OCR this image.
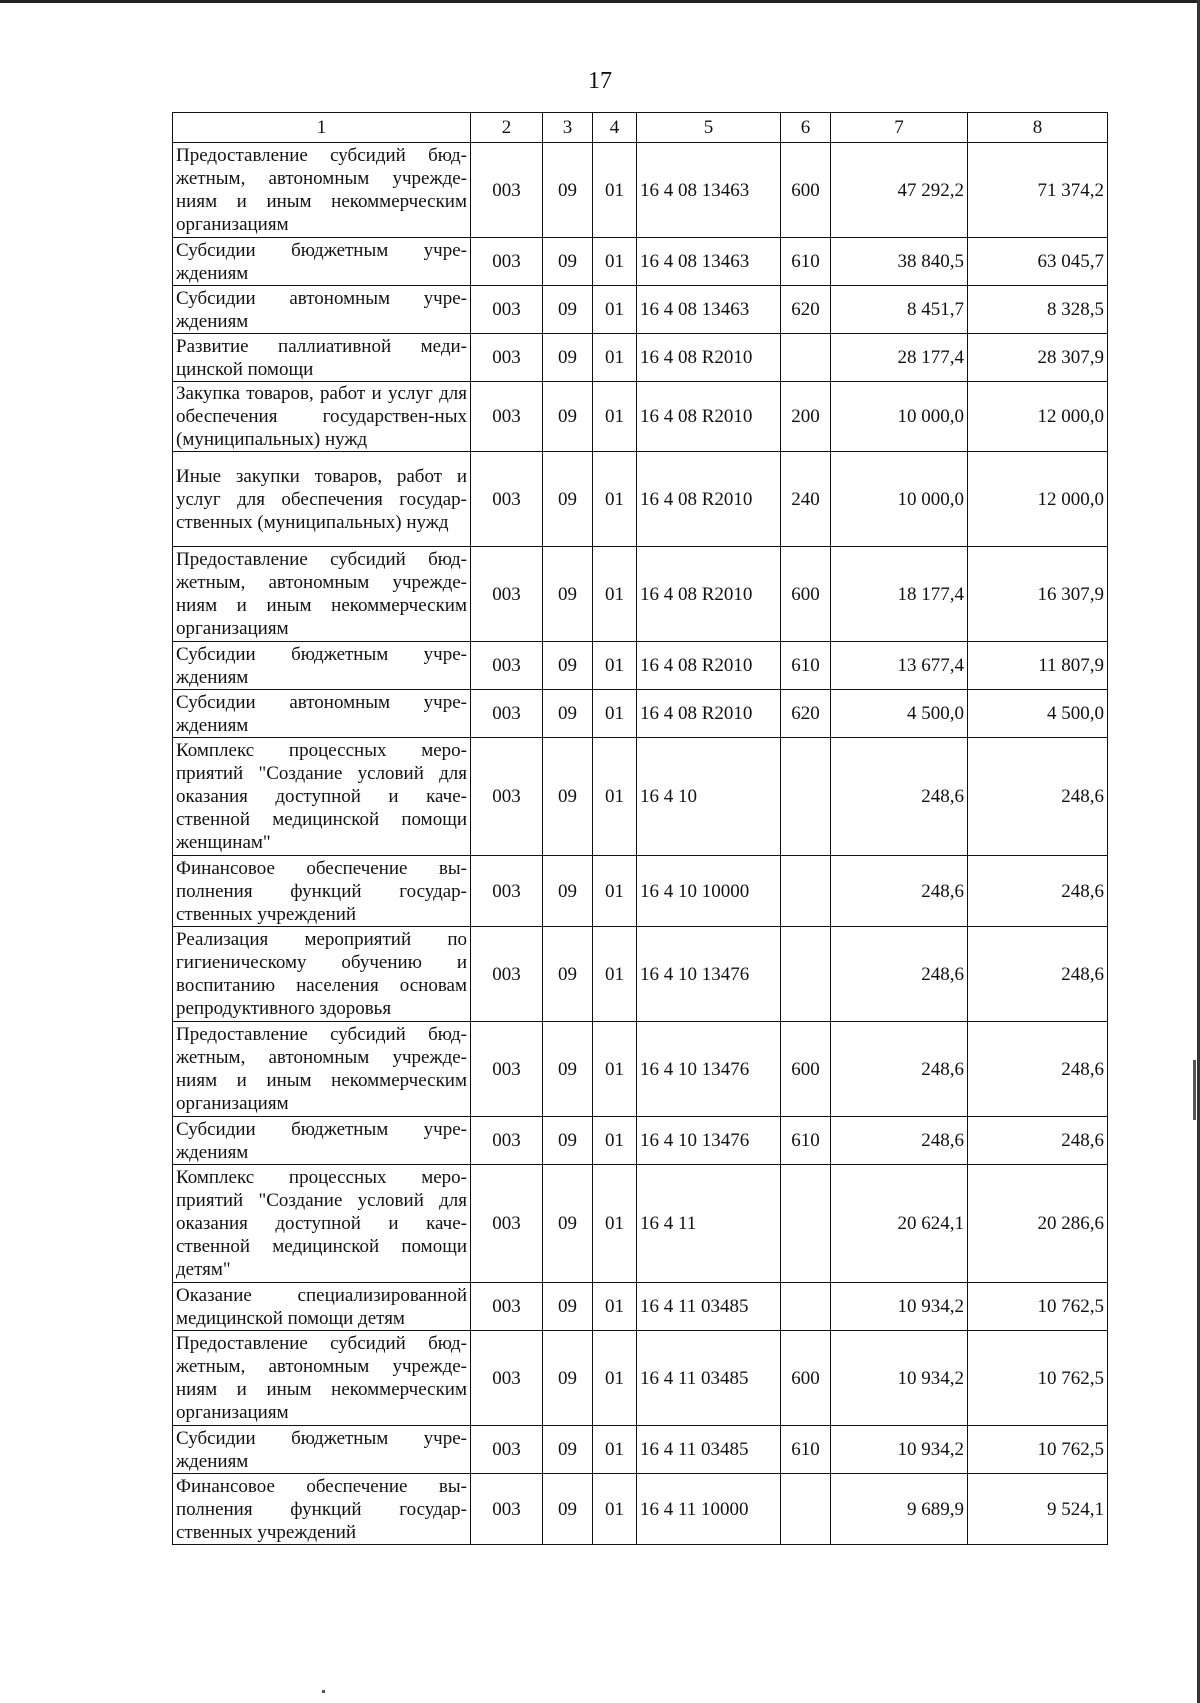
17
1	2	3	4	5	6	7	8
Предоставление субсидий бюд-жетным, автономным учрежде-ниям и иным некоммерческим организациям	003	09	01	16 4 08 13463	600	47 292,2	71 374,2
Субсидии бюджетным учре-ждениям	003	09	01	16 4 08 13463	610	38 840,5	63 045,7
Субсидии автономным учре-ждениям	003	09	01	16 4 08 13463	620	8 451,7	8 328,5
Развитие паллиативной меди-цинской помощи	003	09	01	16 4 08 R2010		28 177,4	28 307,9
Закупка товаров, работ и услуг для обеспечения государствен-ных (муниципальных) нужд	003	09	01	16 4 08 R2010	200	10 000,0	12 000,0
Иные закупки товаров, работ и услуг для обеспечения государ-ственных (муниципальных) нужд	003	09	01	16 4 08 R2010	240	10 000,0	12 000,0
Предоставление субсидий бюд-жетным, автономным учрежде-ниям и иным некоммерческим организациям	003	09	01	16 4 08 R2010	600	18 177,4	16 307,9
Субсидии бюджетным учре-ждениям	003	09	01	16 4 08 R2010	610	13 677,4	11 807,9
Субсидии автономным учре-ждениям	003	09	01	16 4 08 R2010	620	4 500,0	4 500,0
Комплекс процессных меро-приятий "Создание условий для оказания доступной и каче-ственной медицинской помощи женщинам"	003	09	01	16 4 10		248,6	248,6
Финансовое обеспечение вы-полнения функций государ-ственных учреждений	003	09	01	16 4 10 10000		248,6	248,6
Реализация мероприятий по гигиеническому обучению и воспитанию населения основам репродуктивного здоровья	003	09	01	16 4 10 13476		248,6	248,6
Предоставление субсидий бюд-жетным, автономным учрежде-ниям и иным некоммерческим организациям	003	09	01	16 4 10 13476	600	248,6	248,6
Субсидии бюджетным учре-ждениям	003	09	01	16 4 10 13476	610	248,6	248,6
Комплекс процессных меро-приятий "Создание условий для оказания доступной и каче-ственной медицинской помощи детям"	003	09	01	16 4 11		20 624,1	20 286,6
Оказание специализированной медицинской помощи детям	003	09	01	16 4 11 03485		10 934,2	10 762,5
Предоставление субсидий бюд-жетным, автономным учрежде-ниям и иным некоммерческим организациям	003	09	01	16 4 11 03485	600	10 934,2	10 762,5
Субсидии бюджетным учре-ждениям	003	09	01	16 4 11 03485	610	10 934,2	10 762,5
Финансовое обеспечение вы-полнения функций государ-ственных учреждений	003	09	01	16 4 11 10000		9 689,9	9 524,1
